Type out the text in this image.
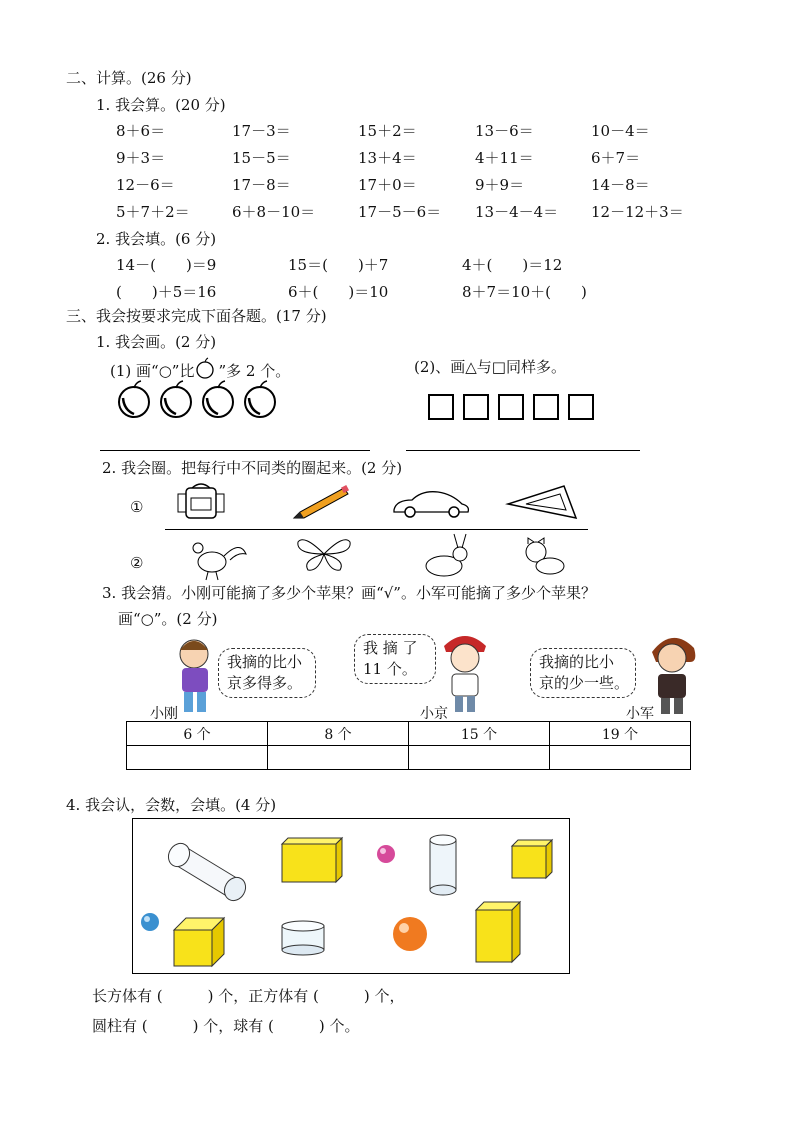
二、计算。(26 分)
1. 我会算。(20 分)
8＋6＝	17－3＝	15＋2＝	13－6＝	10－4＝
9＋3＝	15－5＝	13＋4＝	4＋11＝	6＋7＝
12－6＝	17－8＝	17＋0＝	9＋9＝	14－8＝
5＋7＋2＝	6＋8－10＝	17－5－6＝ 13－4－4＝ 12－12＋3＝
2. 我会填。(6 分)
14－(　　)＝9	15＝(　　)＋7	4＋(　　)＝12
(　　)＋5＝16	6＋(　　)＝10	8＋7＝10＋(　　)
三、我会按要求完成下面各题。(17 分)
1. 我会画。(2 分)
(1) 画“○”比 ”多 2 个。	(2)、画△与□同样多。
2. 我会圈。把每行中不同类的圈起来。(2 分)
①
②
3. 我会猜。小刚可能摘了多少个苹果？画“√”。小军可能摘了多少个苹果？
画“○”。(2 分)
我摘的比小
京多得多。
我 摘 了
11 个。	我摘的比小
京的少一些。
小刚	小京	小军
6 个	8 个	15 个	19 个

4. 我会认，会数，会填。(4 分)
长方体有 (　　　) 个，正方体有 (　　　) 个，
圆柱有 (　　　) 个，球有 (　　　) 个。
